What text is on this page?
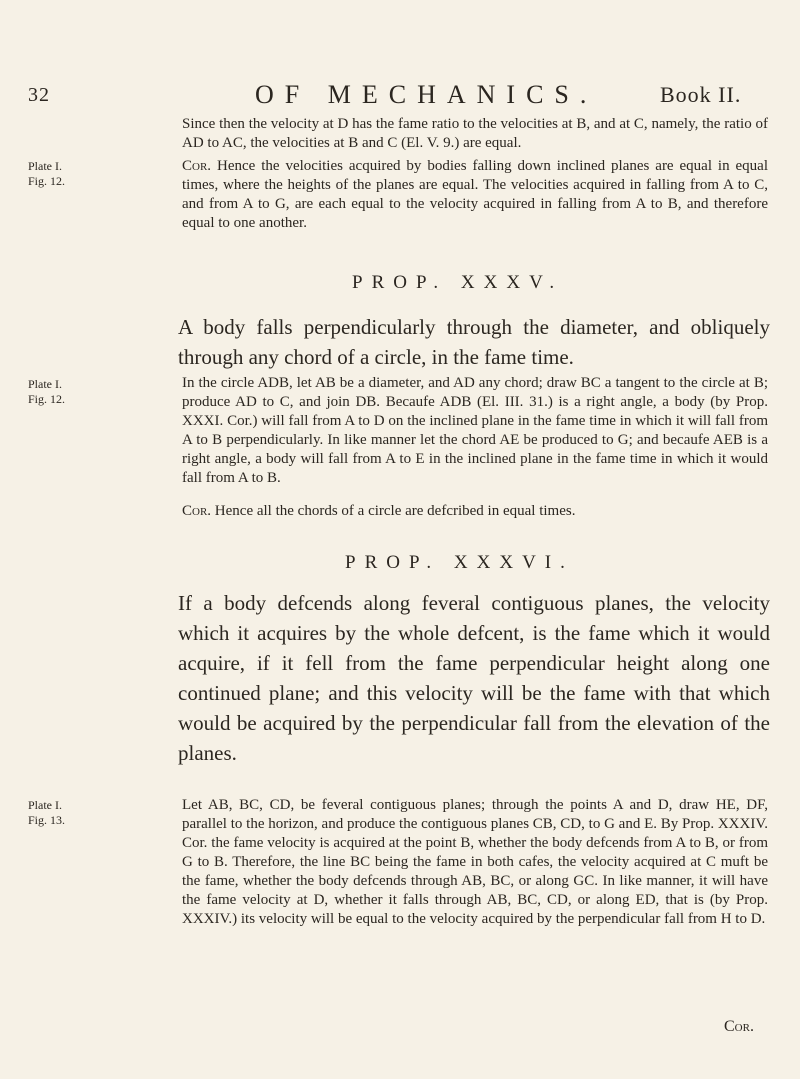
32	OF MECHANICS.	Book II.

Since then the velocity at D has the fame ratio to the velocities at B, and at C, namely, the ratio of AD to AC, the velocities at B and C (El. V. 9.) are equal.

Plate I.
Fig. 12.

Cor. Hence the velocities acquired by bodies falling down inclined planes are equal in equal times, where the heights of the planes are equal. The velocities acquired in falling from A to C, and from A to G, are each equal to the velocity acquired in falling from A to B, and therefore equal to one another.

PROP. XXXV.

A body falls perpendicularly through the diameter, and obliquely through any chord of a circle, in the fame time.

Plate I.
Fig. 12.

In the circle ADB, let AB be a diameter, and AD any chord; draw BC a tangent to the circle at B; produce AD to C, and join DB. Becaufe ADB (El. III. 31.) is a right angle, a body (by Prop. XXXI. Cor.) will fall from A to D on the inclined plane in the fame time in which it will fall from A to B perpendicularly. In like manner let the chord AE be produced to G; and becaufe AEB is a right angle, a body will fall from A to E in the inclined plane in the fame time in which it would fall from A to B.

Cor. Hence all the chords of a circle are defcribed in equal times.

PROP. XXXVI.

If a body defcends along feveral contiguous planes, the velocity which it acquires by the whole defcent, is the fame which it would acquire, if it fell from the fame perpendicular height along one continued plane; and this velocity will be the fame with that which would be acquired by the perpendicular fall from the elevation of the planes.

Plate I.
Fig. 13.

Let AB, BC, CD, be feveral contiguous planes; through the points A and D, draw HE, DF, parallel to the horizon, and produce the contiguous planes CB, CD, to G and E. By Prop. XXXIV. Cor. the fame velocity is acquired at the point B, whether the body defcends from A to B, or from G to B. Therefore, the line BC being the fame in both cafes, the velocity acquired at C muft be the fame, whether the body defcends through AB, BC, or along GC. In like manner, it will have the fame velocity at D, whether it falls through AB, BC, CD, or along ED, that is (by Prop. XXXIV.) its velocity will be equal to the velocity acquired by the perpendicular fall from H to D.

Cor.
